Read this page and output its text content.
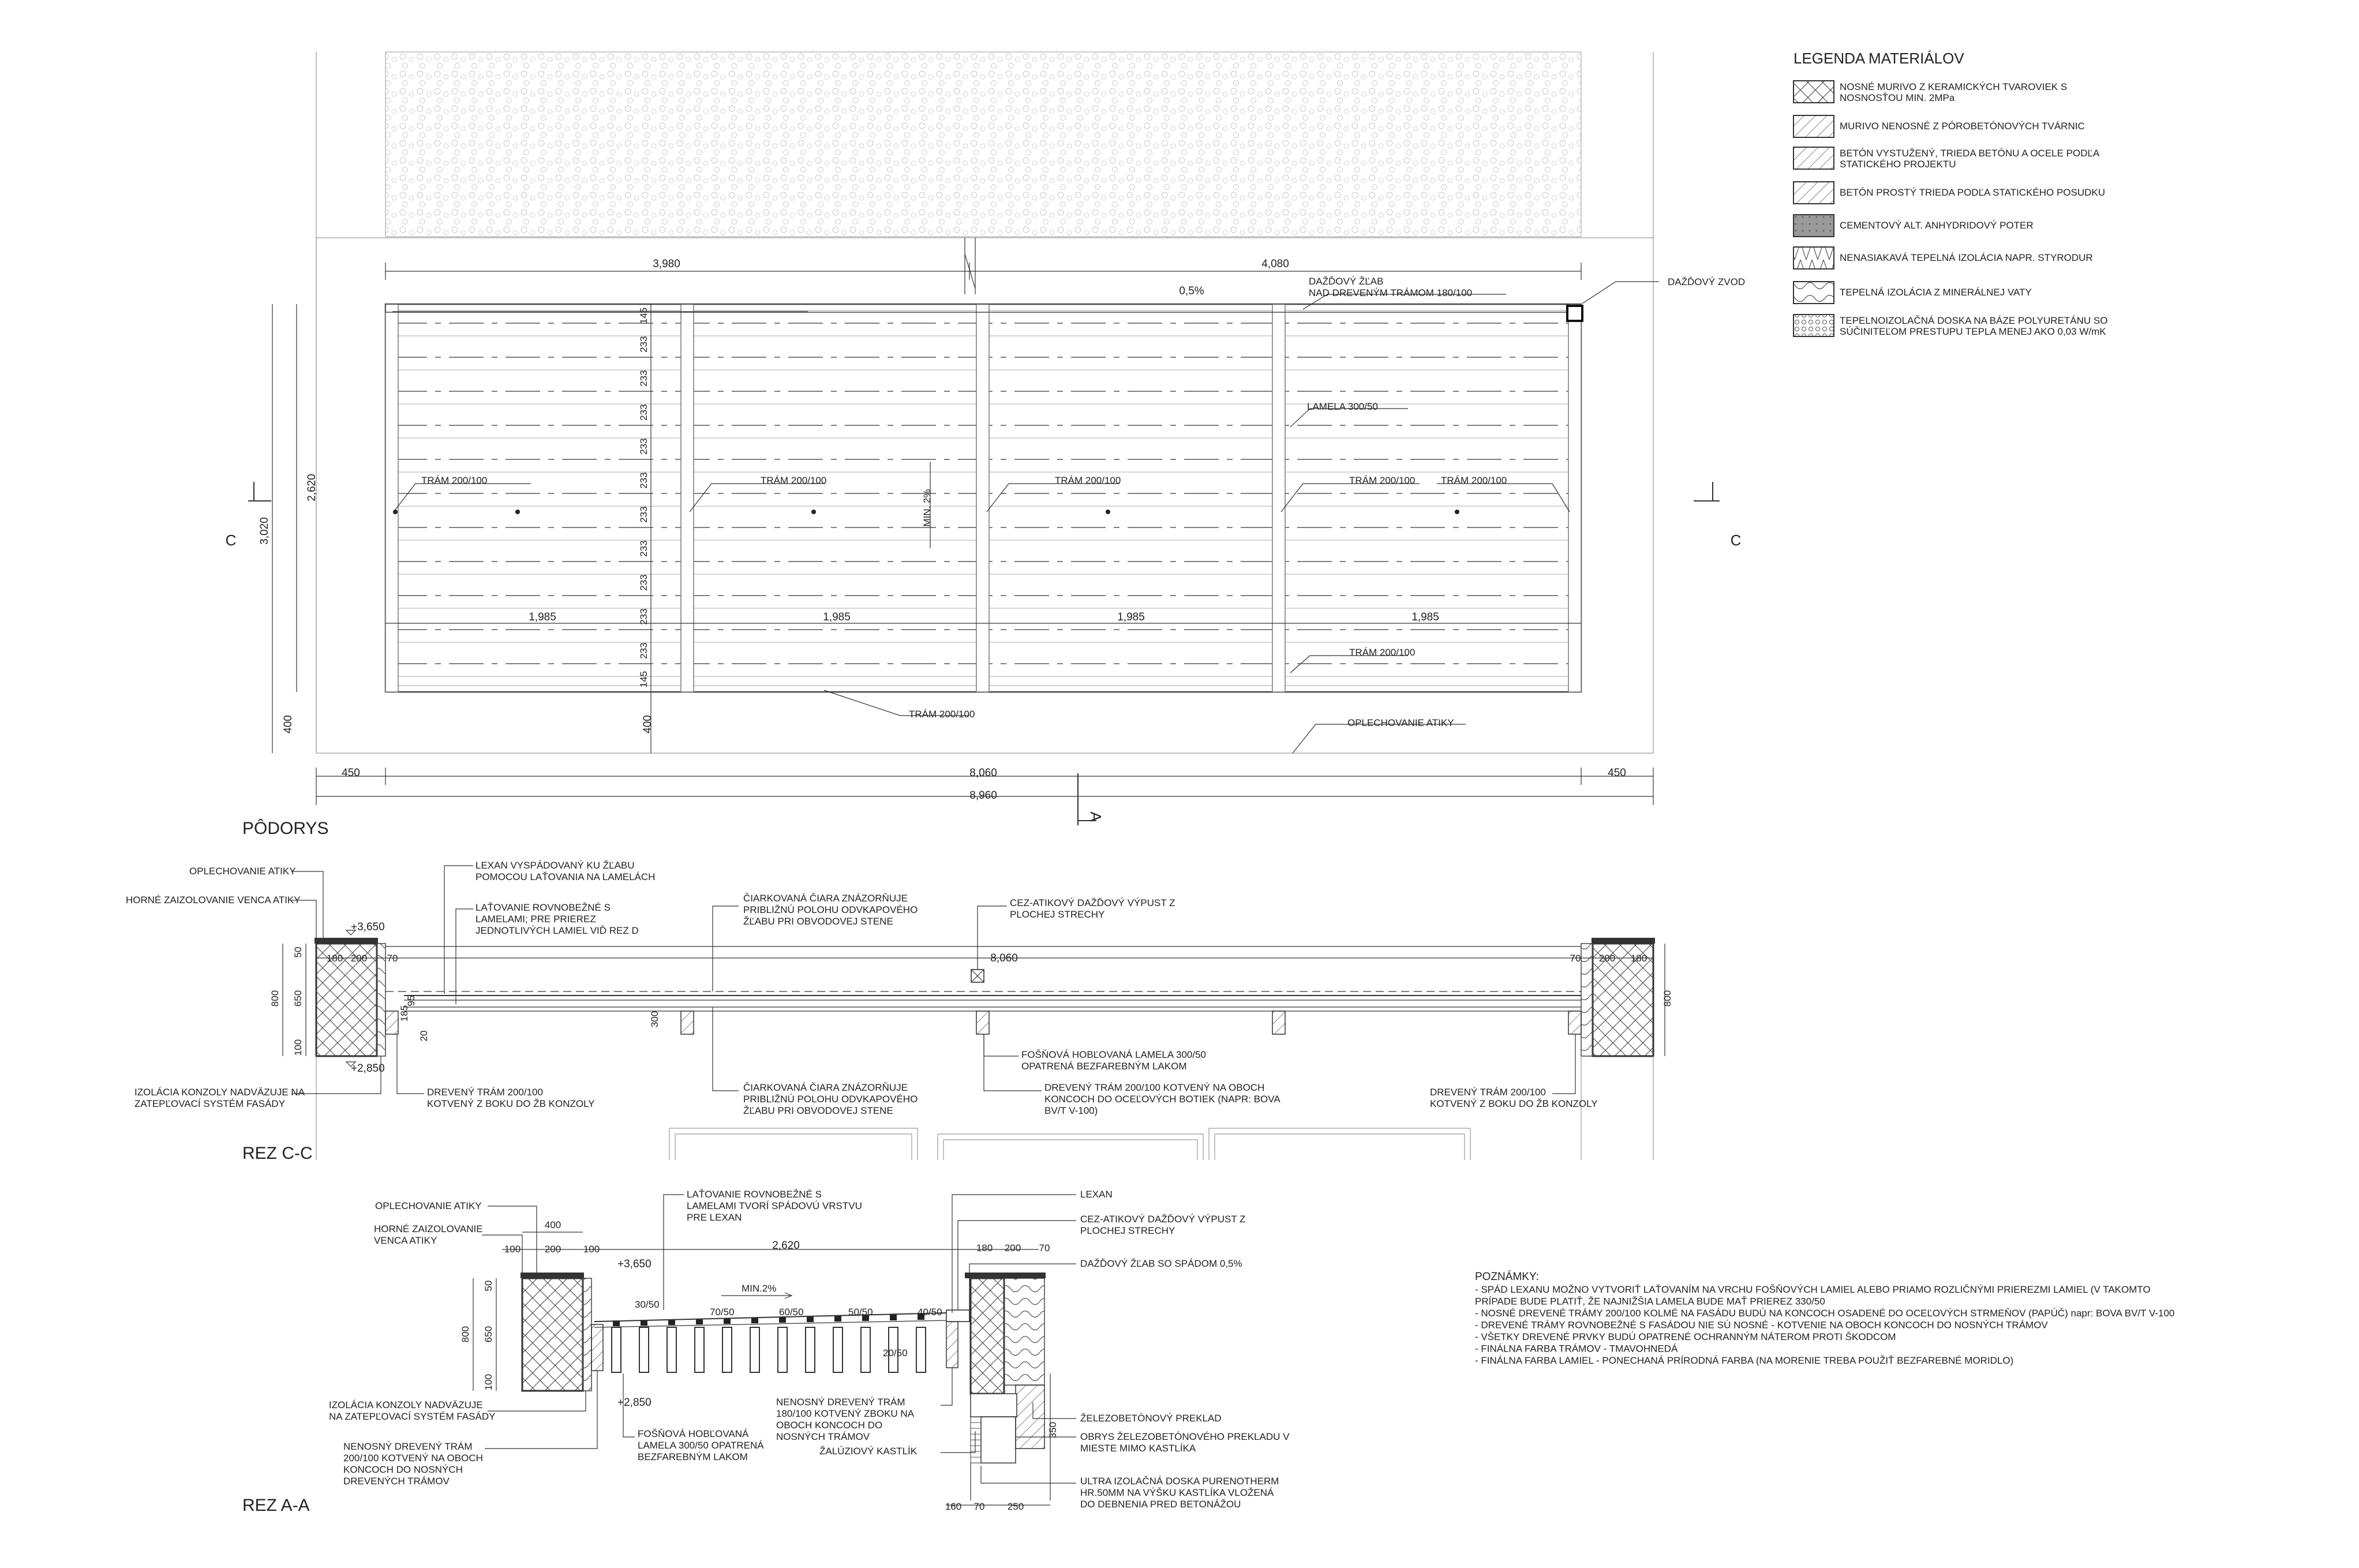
3,980	4,080
0,5%
145
233
233
233
233
233
233
233
233
233
233
145
2,620
3,020
400
1,985	1,985	1,985	1,985
450	8,060	450
8,960
400
C	C
A
DAŽĎOVÝ ŽĽAB NAD DREVENÝM TRÁMOM 180/100
DAŽĎOVÝ ZVOD
LAMELA 300/50
TRÁM 200/100	TRÁM 200/100	TRÁM 200/100	TRÁM 200/100	TRÁM 200/100
MIN. 2%
TRÁM 200/100
TRÁM 200/100
OPLECHOVANIE ATIKY
PÔDORYS
LEGENDA MATERIÁLOV
NOSNÉ MURIVO Z KERAMICKÝCH TVAROVIEK S NOSNOSŤOU MIN. 2MPa
MURIVO NENOSNÉ Z PÓROBETÓNOVÝCH TVÁRNIC
BETÓN VYSTUŽENÝ, TRIEDA BETÓNU A OCELE PODĽA STATICKÉHO PROJEKTU
BETÓN PROSTÝ TRIEDA PODĽA STATICKÉHO POSUDKU
CEMENTOVÝ ALT. ANHYDRIDOVÝ POTER
NENASIAKAVÁ TEPELNÁ IZOLÁCIA NAPR. STYRODUR
TEPELNÁ IZOLÁCIA Z MINERÁLNEJ VATY
TEPELNOIZOLAČNÁ DOSKA NA BÁZE POLYURETÁNU SO SÚČINITEĽOM PRESTUPU TEPLA MENEJ AKO 0,03 W/mK
+3,650
+2,850
180 200 70	8,060	70 200 180
50
650
100
800	800
185
95
20
300
OPLECHOVANIE ATIKY
HORNÉ ZAIZOLOVANIE VENCA ATIKY
LEXAN VYSPÁDOVANÝ KU ŽĽABU POMOCOU LAŤOVANIA NA LAMELÁCH
LAŤOVANIE ROVNOBEŽNÉ S LAMELAMI; PRE PRIEREZ JEDNOTLIVÝCH LAMIEL VIĎ REZ D
ČIARKOVANÁ ČIARA ZNÁZORŇUJE PRIBLIŽNÚ POLOHU ODVKAPOVÉHO ŽĽABU PRI OBVODOVEJ STENE
CEZ-ATIKOVÝ DAŽĎOVÝ VÝPUST Z PLOCHEJ STRECHY
FOŠŇOVÁ HOBĽOVANÁ LAMELA 300/50 OPATRENÁ BEZFAREBNÝM LAKOM
IZOLÁCIA KONZOLY NADVÄZUJE NA ZATEPĽOVACÍ SYSTÉM FASÁDY
DREVENÝ TRÁM 200/100 KOTVENÝ Z BOKU DO ŽB KONZOLY
ČIARKOVANÁ ČIARA ZNÁZORŇUJE PRIBLIŽNÚ POLOHU ODVKAPOVÉHO ŽĽABU PRI OBVODOVEJ STENE
DREVENÝ TRÁM 200/100 KOTVENÝ NA OBOCH KONCOCH DO OCEĽOVÝCH BOTIEK (NAPR: BOVA BV/T V-100)
DREVENÝ TRÁM 200/100 KOTVENÝ Z BOKU DO ŽB KONZOLY
REZ C-C
MIN.2%
400
100 200 100
+3,650
+2,850
2,620	180 200 70
50
650
100
800
350
160 70 250
30/50
70/50	60/50	50/50	40/50
20/50
OPLECHOVANIE ATIKY
HORNÉ ZAIZOLOVANIE VENCA ATIKY
LAŤOVANIE ROVNOBEŽNÉ S LAMELAMI TVORÍ SPÁDOVÚ VRSTVU PRE LEXAN
LEXAN
CEZ-ATIKOVÝ DAŽĎOVÝ VÝPUST Z PLOCHEJ STRECHY
DAŽĎOVÝ ŽĽAB SO SPÁDOM 0,5%
IZOLÁCIA KONZOLY NADVÄZUJE NA ZATEPĽOVACÍ SYSTÉM FASÁDY
NENOSNÝ DREVENÝ TRÁM 200/100 KOTVENÝ NA OBOCH KONCOCH DO NOSNÝCH DREVENÝCH TRÁMOV
FOŠŇOVÁ HOBĽOVANÁ LAMELA 300/50 OPATRENÁ BEZFAREBNÝM LAKOM
NENOSNÝ DREVENÝ TRÁM 180/100 KOTVENÝ ZBOKU NA OBOCH KONCOCH DO NOSNÝCH TRÁMOV
ŽALÚZIOVÝ KASTLÍK
ŽELEZOBETÓNOVÝ PREKLAD
OBRYS ŽELEZOBETÓNOVÉHO PREKLADU V MIESTE MIMO KASTLÍKA
ULTRA IZOLAČNÁ DOSKA PURENOTHERM HR.50MM NA VÝŠKU KASTLÍKA VLOŽENÁ DO DEBNENIA PRED BETONÁŽOU
REZ A-A
POZNÁMKY:
- SPÁD LEXANU MOŽNO VYTVORIŤ LAŤOVANÍM NA VRCHU FOŠŇOVÝCH LAMIEL ALEBO PRIAMO ROZLIČNÝMI PRIEREZMI LAMIEL (V TAKOMTO
PRÍPADE BUDE PLATIŤ, ŽE NAJNIŽŠIA LAMELA BUDE MAŤ PRIEREZ 330/50
- NOSNÉ DREVENÉ TRÁMY 200/100 KOLMÉ NA FASÁDU BUDÚ NA KONCOCH OSADENÉ DO OCEĽOVÝCH STRMEŇOV (PAPÚČ) napr: BOVA BV/T V-100
- DREVENÉ TRÁMY ROVNOBEŽNÉ S FASÁDOU NIE SÚ NOSNÉ - KOTVENIE NA OBOCH KONCOCH DO NOSNÝCH TRÁMOV
- VŠETKY DREVENÉ PRVKY BUDÚ OPATRENÉ OCHRANNÝM NÁTEROM PROTI ŠKODCOM
- FINÁLNA FARBA TRÁMOV - TMAVOHNEDÁ
- FINÁLNA FARBA LAMIEL - PONECHANÁ PRÍRODNÁ FARBA (NA MORENIE TREBA POUŽIŤ BEZFAREBNÉ MORIDLO)
